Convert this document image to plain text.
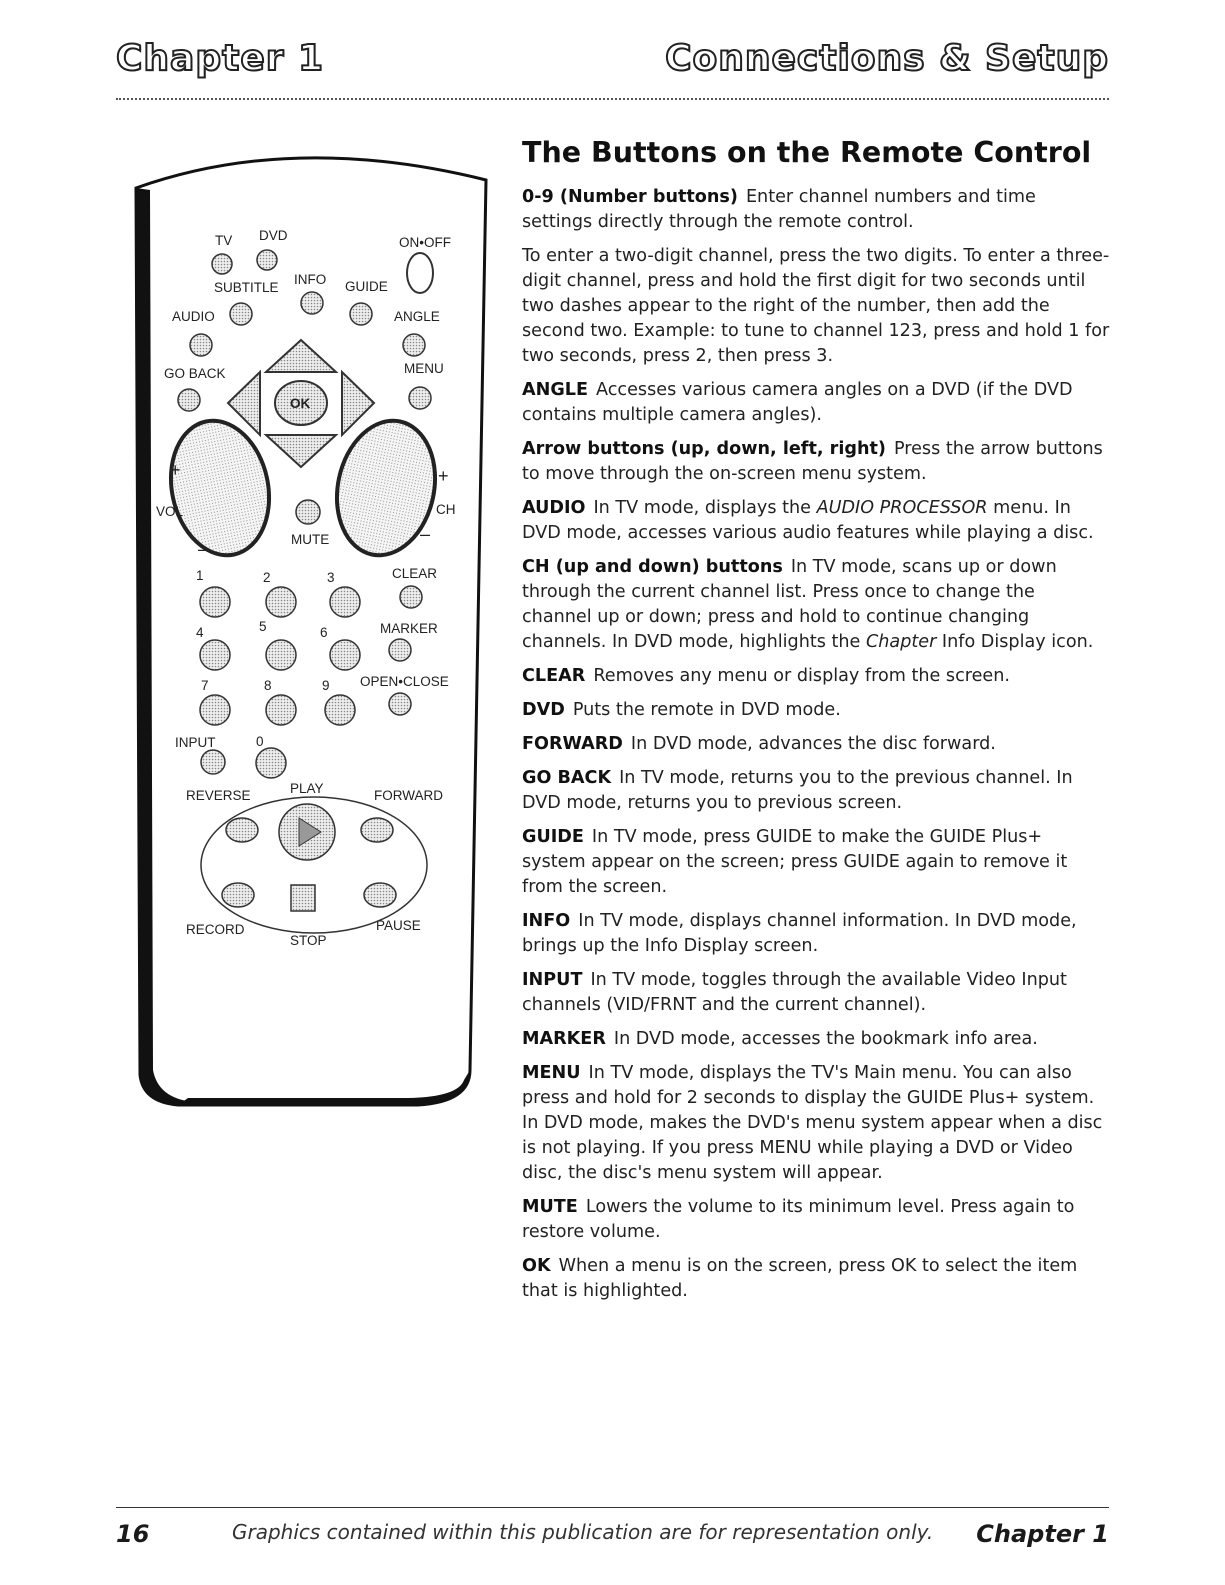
Chapter 1	Connections & Setup
TV DVD	ON•OFF
SUBTITLE
INFO GUIDE
AUDIO	ANGLE
GO BACK	MENU
OK
+
VOL
–
+
CH
–
MUTE
1	2	3	CLEAR
4	5	6	MARKER
7	8	9 OPEN•CLOSE
INPUT	0
REVERSE	PLAY	FORWARD
RECORD
STOP
PAUSE
The Buttons on the Remote Control

0-9 (Number buttons) Enter channel numbers and time settings directly through the remote control.

To enter a two-digit channel, press the two digits. To enter a three-digit channel, press and hold the first digit for two seconds until two dashes appear to the right of the number, then add the second two. Example: to tune to channel 123, press and hold 1 for two seconds, press 2, then press 3.

ANGLE Accesses various camera angles on a DVD (if the DVD contains multiple camera angles).

Arrow buttons (up, down, left, right) Press the arrow buttons to move through the on-screen menu system.

AUDIO In TV mode, displays the AUDIO PROCESSOR menu. In DVD mode, accesses various audio features while playing a disc.

CH (up and down) buttons In TV mode, scans up or down through the current channel list. Press once to change the channel up or down; press and hold to continue changing channels. In DVD mode, highlights the Chapter Info Display icon.

CLEAR Removes any menu or display from the screen.

DVD Puts the remote in DVD mode.

FORWARD In DVD mode, advances the disc forward.

GO BACK In TV mode, returns you to the previous channel. In DVD mode, returns you to previous screen.

GUIDE In TV mode, press GUIDE to make the GUIDE Plus+ system appear on the screen; press GUIDE again to remove it from the screen.

INFO In TV mode, displays channel information. In DVD mode, brings up the Info Display screen.

INPUT In TV mode, toggles through the available Video Input channels (VID/FRNT and the current channel).

MARKER In DVD mode, accesses the bookmark info area.

MENU In TV mode, displays the TV's Main menu. You can also press and hold for 2 seconds to display the GUIDE Plus+ system. In DVD mode, makes the DVD's menu system appear when a disc is not playing. If you press MENU while playing a DVD or Video disc, the disc's menu system will appear.

MUTE Lowers the volume to its minimum level. Press again to restore volume.

OK When a menu is on the screen, press OK to select the item that is highlighted.

16	Graphics contained within this publication are for representation only. Chapter 1
